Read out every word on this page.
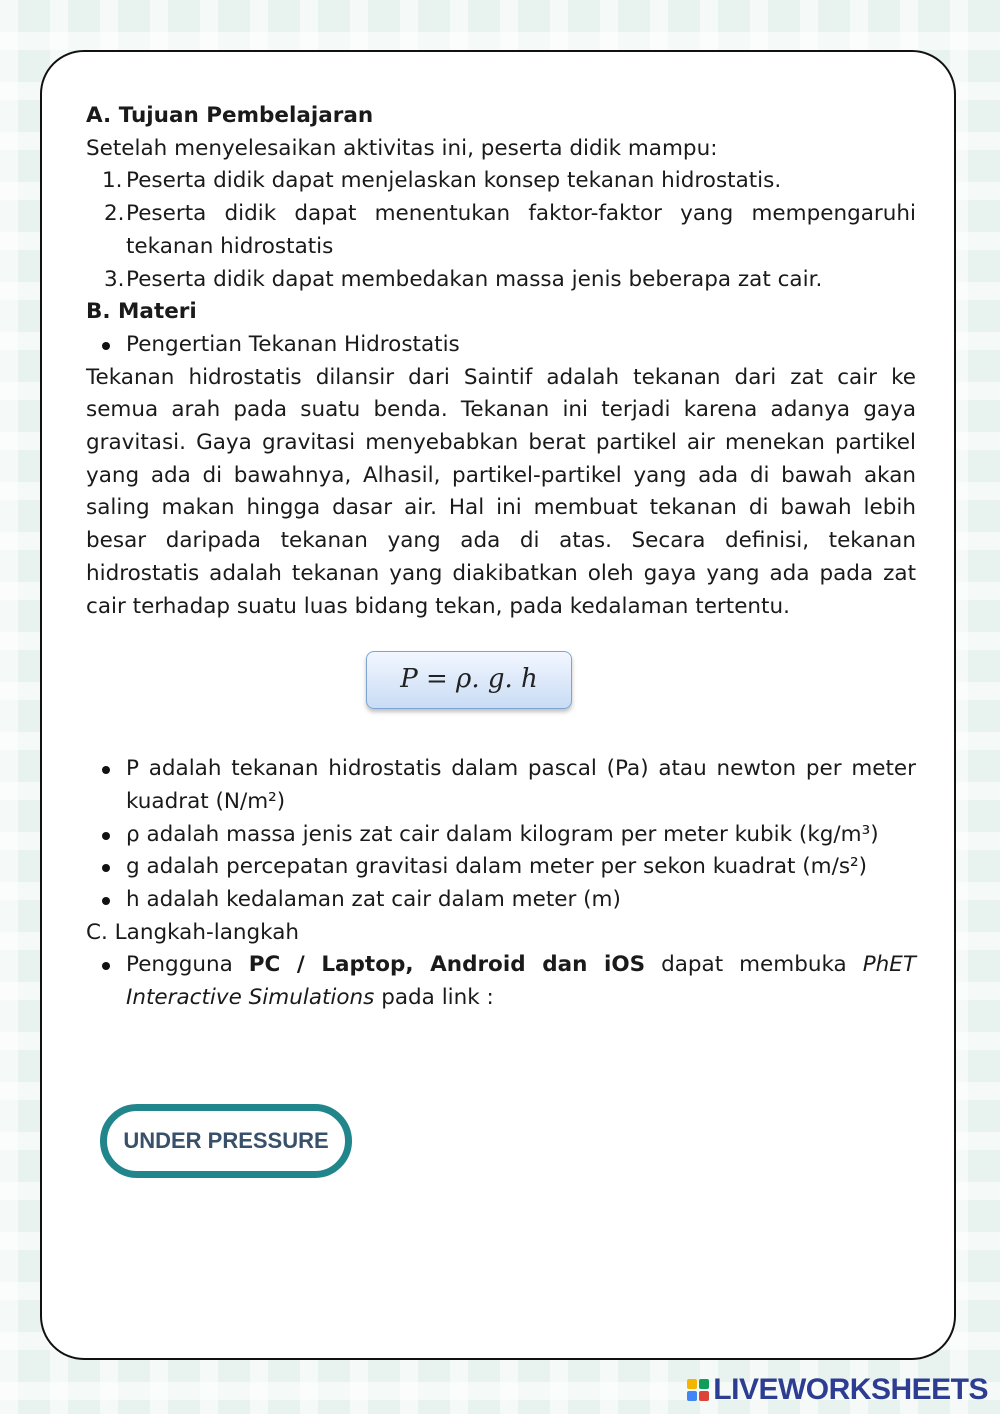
A. Tujuan Pembelajaran

Setelah menyelesaikan aktivitas ini, peserta didik mampu:

1. Peserta didik dapat menjelaskan konsep tekanan hidrostatis.
2. Peserta didik dapat menentukan faktor-faktor yang mempengaruhi tekanan hidrostatis
3. Peserta didik dapat membedakan massa jenis beberapa zat cair.
B. Materi
Pengertian Tekanan Hidrostatis

Tekanan hidrostatis dilansir dari Saintif adalah tekanan dari zat cair ke semua arah pada suatu benda. Tekanan ini terjadi karena adanya gaya gravitasi. Gaya gravitasi menyebabkan berat partikel air menekan partikel yang ada di bawahnya, Alhasil, partikel-partikel yang ada di bawah akan saling makan hingga dasar air. Hal ini membuat tekanan di bawah lebih besar daripada tekanan yang ada di atas. Secara definisi, tekanan hidrostatis adalah tekanan yang diakibatkan oleh gaya yang ada pada zat cair terhadap suatu luas bidang tekan, pada kedalaman tertentu.

P = ρ. g. h
P adalah tekanan hidrostatis dalam pascal (Pa) atau newton per meter kuadrat (N/m²)
ρ adalah massa jenis zat cair dalam kilogram per meter kubik (kg/m³)
g adalah percepatan gravitasi dalam meter per sekon kuadrat (m/s²)
h adalah kedalaman zat cair dalam meter (m)
C. Langkah-langkah
Pengguna PC / Laptop, Android dan iOS dapat membuka PhET Interactive Simulations pada link :
UNDER PRESSURE
LIVEWORKSHEETS
